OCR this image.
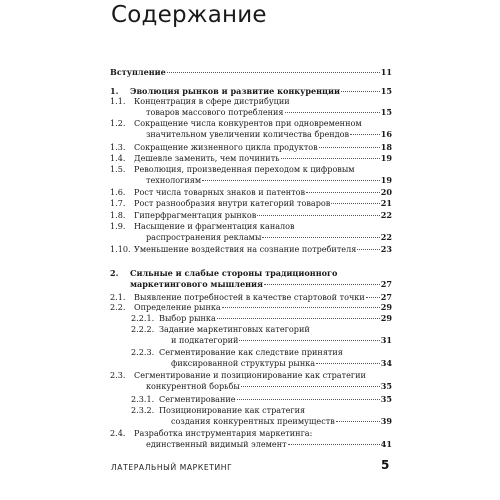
Содержание
Вступление	11
1. Эволюция рынков и развитие конкуренции	15
1.1. Концентрация в сфере дистрибуции
товаров массового потребления	15
1.2. Сокращение числа конкурентов при одновременном
значительном увеличении количества брендов	16
1.3. Сокращение жизненного цикла продуктов	18
1.4. Дешевле заменить, чем починить	19
1.5. Революция, произведенная переходом к цифровым
технологиям	19
1.6. Рост числа товарных знаков и патентов	20
1.7. Рост разнообразия внутри категорий товаров	21
1.8. Гиперфрагментация рынков	22
1.9. Насыщение и фрагментация каналов
распространения рекламы	22
1.10. Уменьшение воздействия на сознание потребителя	23
2. Сильные и слабые стороны традиционного
маркетингового мышления	27
2.1. Выявление потребностей в качестве стартовой точки 27
2.2. Определение рынка	29
2.2.1. Выбор рынка	29
2.2.2. Задание маркетинговых категорий
и подкатегорий	31
2.2.3. Сегментирование как следствие принятия
фиксированной структуры рынка	34
2.3. Сегментирование и позиционирование как стратегии
конкурентной борьбы	35
2.3.1. Сегментирование	35
2.3.2. Позиционирование как стратегия
создания конкурентных преимуществ	39
2.4. Разработка инструментария маркетинга:
единственный видимый элемент	41
ЛАТЕРАЛЬНЫЙ МАРКЕТИНГ	5
